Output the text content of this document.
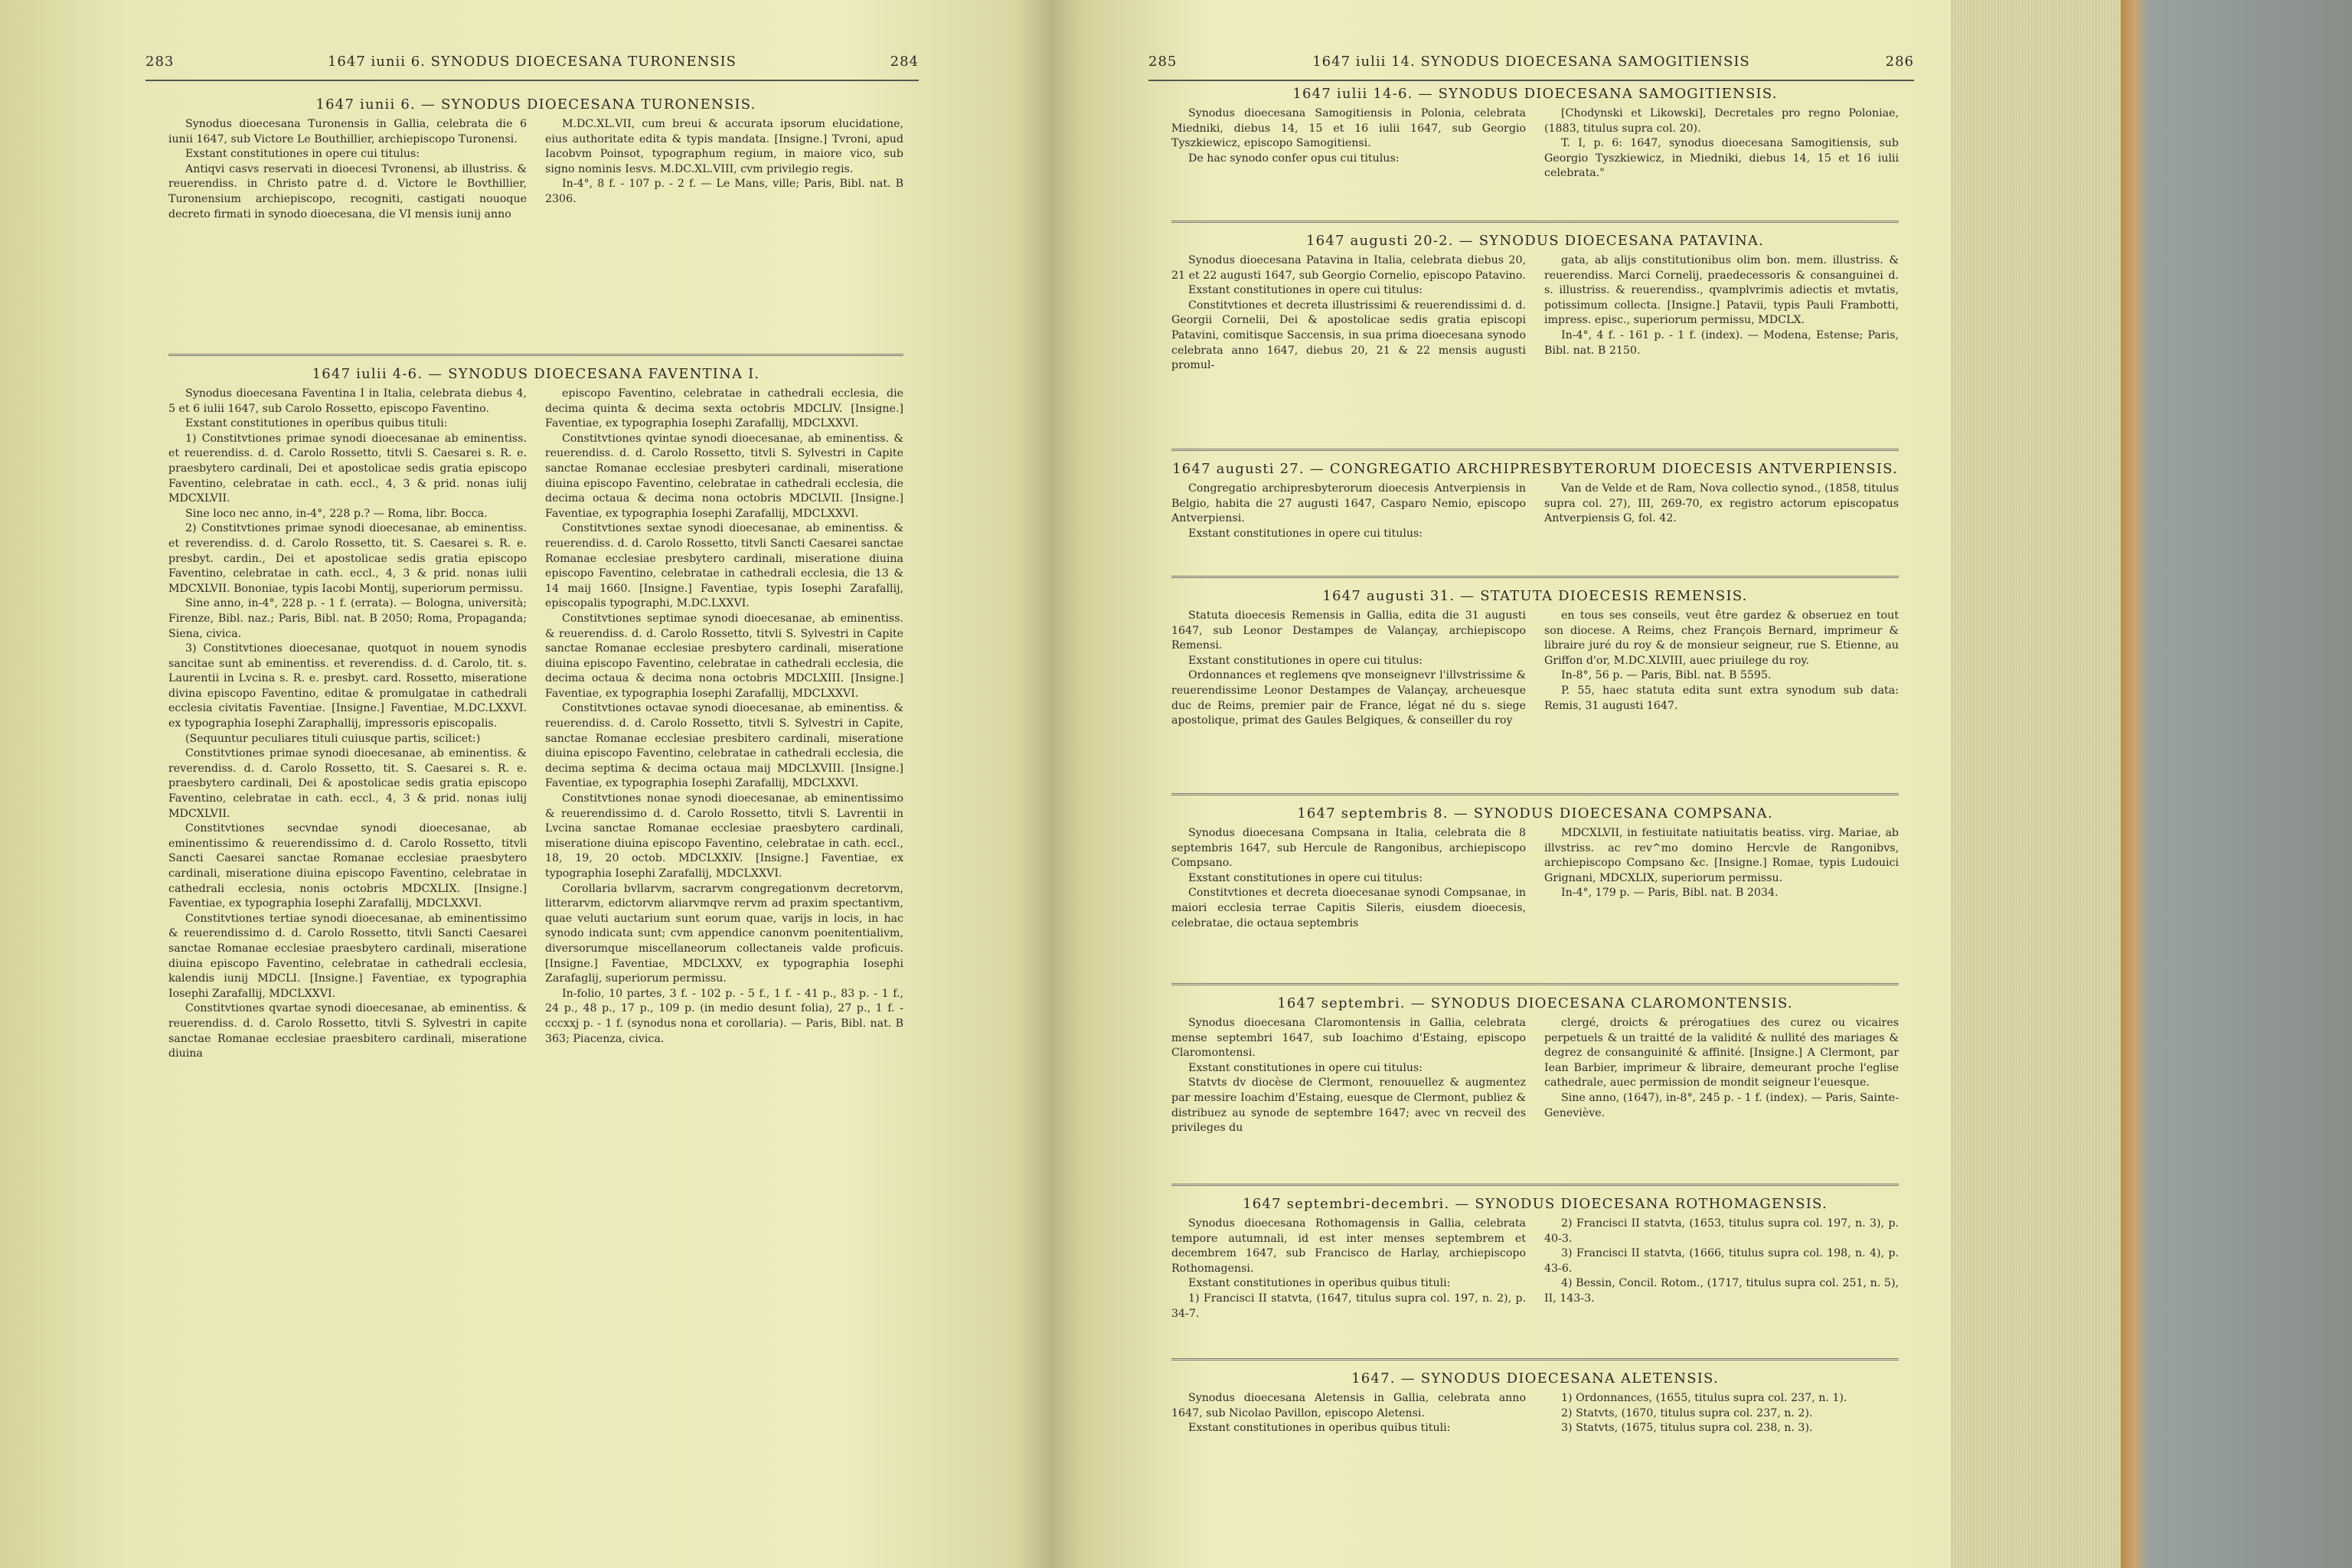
283	1647 iunii 6. SYNODUS DIOECESANA TURONENSIS	284
1647 iunii 6. — SYNODUS DIOECESANA TURONENSIS.

Synodus dioecesana Turonensis in Gallia, celebrata die 6 iunii 1647, sub Victore Le Bouthillier, archiepiscopo Turonensi.

Exstant constitutiones in opere cui titulus:

Antiqvi casvs reservati in dioecesi Tvronensi, ab illustriss. & reuerendiss. in Christo patre d. d. Victore le Bovthillier, Turonensium archiepiscopo, recogniti, castigati nouoque decreto firmati in synodo dioecesana, die VI mensis iunij anno

M.DC.XL.VII, cum breui & accurata ipsorum elucidatione, eius authoritate edita & typis mandata. [Insigne.] Tvroni, apud Iacobvm Poinsot, typographum regium, in maiore vico, sub signo nominis Iesvs. M.DC.XL.VIII, cvm privilegio regis.

In-4°, 8 f. - 107 p. - 2 f. — Le Mans, ville; Paris, Bibl. nat. B 2306.

1647 iulii 4-6. — SYNODUS DIOECESANA FAVENTINA I.

Synodus dioecesana Faventina I in Italia, celebrata diebus 4, 5 et 6 iulii 1647, sub Carolo Rossetto, episcopo Faventino.

Exstant constitutiones in operibus quibus tituli:

1) Constitvtiones primae synodi dioecesanae ab eminentiss. et reuerendiss. d. d. Carolo Rossetto, titvli S. Caesarei s. R. e. praesbytero cardinali, Dei et apostolicae sedis gratia episcopo Faventino, celebratae in cath. eccl., 4, 3 & prid. nonas iulij MDCXLVII.

Sine loco nec anno, in-4°, 228 p.? — Roma, libr. Bocca.

2) Constitvtiones primae synodi dioecesanae, ab eminentiss. et reverendiss. d. d. Carolo Rossetto, tit. S. Caesarei s. R. e. presbyt. cardin., Dei et apostolicae sedis gratia episcopo Faventino, celebratae in cath. eccl., 4, 3 & prid. nonas iulii MDCXLVII. Bononiae, typis Iacobi Montij, superiorum permissu.

Sine anno, in-4°, 228 p. - 1 f. (errata). — Bologna, università; Firenze, Bibl. naz.; Paris, Bibl. nat. B 2050; Roma, Propaganda; Siena, civica.

3) Constitvtiones dioecesanae, quotquot in nouem synodis sancitae sunt ab eminentiss. et reverendiss. d. d. Carolo, tit. s. Laurentii in Lvcina s. R. e. presbyt. card. Rossetto, miseratione divina episcopo Faventino, editae & promulgatae in cathedrali ecclesia civitatis Faventiae. [Insigne.] Faventiae, M.DC.LXXVI. ex typographia Iosephi Zaraphallij, impressoris episcopalis.

(Sequuntur peculiares tituli cuiusque partis, scilicet:)

Constitvtiones primae synodi dioecesanae, ab eminentiss. & reverendiss. d. d. Carolo Rossetto, tit. S. Caesarei s. R. e. praesbytero cardinali, Dei & apostolicae sedis gratia episcopo Faventino, celebratae in cath. eccl., 4, 3 & prid. nonas iulij MDCXLVII.

Constitvtiones secvndae synodi dioecesanae, ab eminentissimo & reuerendissimo d. d. Carolo Rossetto, titvli Sancti Caesarei sanctae Romanae ecclesiae praesbytero cardinali, miseratione diuina episcopo Faventino, celebratae in cathedrali ecclesia, nonis octobris MDCXLIX. [Insigne.] Faventiae, ex typographia Iosephi Zarafallij, MDCLXXVI.

Constitvtiones tertiae synodi dioecesanae, ab eminentissimo & reuerendissimo d. d. Carolo Rossetto, titvli Sancti Caesarei sanctae Romanae ecclesiae praesbytero cardinali, miseratione diuina episcopo Faventino, celebratae in cathedrali ecclesia, kalendis iunij MDCLI. [Insigne.] Faventiae, ex typographia Iosephi Zarafallij, MDCLXXVI.

Constitvtiones qvartae synodi dioecesanae, ab eminentiss. & reuerendiss. d. d. Carolo Rossetto, titvli S. Sylvestri in capite sanctae Romanae ecclesiae praesbitero cardinali, miseratione diuina

episcopo Faventino, celebratae in cathedrali ecclesia, die decima quinta & decima sexta octobris MDCLIV. [Insigne.] Faventiae, ex typographia Iosephi Zarafallij, MDCLXXVI.

Constitvtiones qvintae synodi dioecesanae, ab eminentiss. & reuerendiss. d. d. Carolo Rossetto, titvli S. Sylvestri in Capite sanctae Romanae ecclesiae presbyteri cardinali, miseratione diuina episcopo Faventino, celebratae in cathedrali ecclesia, die decima octaua & decima nona octobris MDCLVII. [Insigne.] Faventiae, ex typographia Iosephi Zarafallij, MDCLXXVI.

Constitvtiones sextae synodi dioecesanae, ab eminentiss. & reuerendiss. d. d. Carolo Rossetto, titvli Sancti Caesarei sanctae Romanae ecclesiae presbytero cardinali, miseratione diuina episcopo Faventino, celebratae in cathedrali ecclesia, die 13 & 14 maij 1660. [Insigne.] Faventiae, typis Iosephi Zarafallij, episcopalis typographi, M.DC.LXXVI.

Constitvtiones septimae synodi dioecesanae, ab eminentiss. & reuerendiss. d. d. Carolo Rossetto, titvli S. Sylvestri in Capite sanctae Romanae ecclesiae presbytero cardinali, miseratione diuina episcopo Faventino, celebratae in cathedrali ecclesia, die decima octaua & decima nona octobris MDCLXIII. [Insigne.] Faventiae, ex typographia Iosephi Zarafallij, MDCLXXVI.

Constitvtiones octavae synodi dioecesanae, ab eminentiss. & reuerendiss. d. d. Carolo Rossetto, titvli S. Sylvestri in Capite, sanctae Romanae ecclesiae presbitero cardinali, miseratione diuina episcopo Faventino, celebratae in cathedrali ecclesia, die decima septima & decima octaua maij MDCLXVIII. [Insigne.] Faventiae, ex typographia Iosephi Zarafallij, MDCLXXVI.

Constitvtiones nonae synodi dioecesanae, ab eminentissimo & reuerendissimo d. d. Carolo Rossetto, titvli S. Lavrentii in Lvcina sanctae Romanae ecclesiae praesbytero cardinali, miseratione diuina episcopo Faventino, celebratae in cath. eccl., 18, 19, 20 octob. MDCLXXIV. [Insigne.] Faventiae, ex typographia Iosephi Zarafallij, MDCLXXVI.

Corollaria bvllarvm, sacrarvm congregationvm decretorvm, litterarvm, edictorvm aliarvmqve rervm ad praxim spectantivm, quae veluti auctarium sunt eorum quae, varijs in locis, in hac synodo indicata sunt; cvm appendice canonvm poenitentialivm, diversorumque miscellaneorum collectaneis valde proficuis. [Insigne.] Faventiae, MDCLXXV, ex typographia Iosephi Zarafaglij, superiorum permissu.

In-folio, 10 partes, 3 f. - 102 p. - 5 f., 1 f. - 41 p., 83 p. - 1 f., 24 p., 48 p., 17 p., 109 p. (in medio desunt folia), 27 p., 1 f. - cccxxj p. - 1 f. (synodus nona et corollaria). — Paris, Bibl. nat. B 363; Piacenza, civica.

285	1647 iulii 14. SYNODUS DIOECESANA SAMOGITIENSIS	286
1647 iulii 14-6. — SYNODUS DIOECESANA SAMOGITIENSIS.

Synodus dioecesana Samogitiensis in Polonia, celebrata Miedniki, diebus 14, 15 et 16 iulii 1647, sub Georgio Tyszkiewicz, episcopo Samogitiensi.

De hac synodo confer opus cui titulus:

[Chodynski et Likowski], Decretales pro regno Poloniae, (1883, titulus supra col. 20).

T. I, p. 6: 1647, synodus dioecesana Samogitiensis, sub Georgio Tyszkiewicz, in Miedniki, diebus 14, 15 et 16 iulii celebrata."

1647 augusti 20-2. — SYNODUS DIOECESANA PATAVINA.

Synodus dioecesana Patavina in Italia, celebrata diebus 20, 21 et 22 augusti 1647, sub Georgio Cornelio, episcopo Patavino.

Exstant constitutiones in opere cui titulus:

Constitvtiones et decreta illustrissimi & reuerendissimi d. d. Georgii Cornelii, Dei & apostolicae sedis gratia episcopi Patavini, comitisque Saccensis, in sua prima dioecesana synodo celebrata anno 1647, diebus 20, 21 & 22 mensis augusti promul-

gata, ab alijs constitutionibus olim bon. mem. illustriss. & reuerendiss. Marci Cornelij, praedecessoris & consanguinei d. s. illustriss. & reuerendiss., qvamplvrimis adiectis et mvtatis, potissimum collecta. [Insigne.] Patavii, typis Pauli Frambotti, impress. episc., superiorum permissu, MDCLX.

In-4°, 4 f. - 161 p. - 1 f. (index). — Modena, Estense; Paris, Bibl. nat. B 2150.

1647 augusti 27. — CONGREGATIO ARCHIPRESBYTERORUM DIOECESIS ANTVERPIENSIS.

Congregatio archipresbyterorum dioecesis Antverpiensis in Belgio, habita die 27 augusti 1647, Casparo Nemio, episcopo Antverpiensi.

Exstant constitutiones in opere cui titulus:

Van de Velde et de Ram, Nova collectio synod., (1858, titulus supra col. 27), III, 269-70, ex registro actorum episcopatus Antverpiensis G, fol. 42.

1647 augusti 31. — STATUTA DIOECESIS REMENSIS.

Statuta dioecesis Remensis in Gallia, edita die 31 augusti 1647, sub Leonor Destampes de Valançay, archiepiscopo Remensi.

Exstant constitutiones in opere cui titulus:

Ordonnances et reglemens qve monseignevr l'illvstrissime & reuerendissime Leonor Destampes de Valançay, archeuesque duc de Reims, premier pair de France, légat né du s. siege apostolique, primat des Gaules Belgiques, & conseiller du roy

en tous ses conseils, veut être gardez & obseruez en tout son diocese. A Reims, chez François Bernard, imprimeur & libraire juré du roy & de monsieur seigneur, rue S. Etienne, au Griffon d'or, M.DC.XLVIII, auec priuilege du roy.

In-8°, 56 p. — Paris, Bibl. nat. B 5595.

P. 55, haec statuta edita sunt extra synodum sub data: Remis, 31 augusti 1647.

1647 septembris 8. — SYNODUS DIOECESANA COMPSANA.

Synodus dioecesana Compsana in Italia, celebrata die 8 septembris 1647, sub Hercule de Rangonibus, archiepiscopo Compsano.

Exstant constitutiones in opere cui titulus:

Constitvtiones et decreta dioecesanae synodi Compsanae, in maiori ecclesia terrae Capitis Sileris, eiusdem dioecesis, celebratae, die octaua septembris

MDCXLVII, in festiuitate natiuitatis beatiss. virg. Mariae, ab illvstriss. ac rev^mo domino Hercvle de Rangonibvs, archiepiscopo Compsano &c. [Insigne.] Romae, typis Ludouici Grignani, MDCXLIX, superiorum permissu.

In-4°, 179 p. — Paris, Bibl. nat. B 2034.

1647 septembri. — SYNODUS DIOECESANA CLAROMONTENSIS.

Synodus dioecesana Claromontensis in Gallia, celebrata mense septembri 1647, sub Ioachimo d'Estaing, episcopo Claromontensi.

Exstant constitutiones in opere cui titulus:

Statvts dv diocèse de Clermont, renouuellez & augmentez par messire Ioachim d'Estaing, euesque de Clermont, publiez & distribuez au synode de septembre 1647; avec vn recveil des privileges du

clergé, droicts & prérogatiues des curez ou vicaires perpetuels & un traitté de la validité & nullité des mariages & degrez de consanguinité & affinité. [Insigne.] A Clermont, par Iean Barbier, imprimeur & libraire, demeurant proche l'eglise cathedrale, auec permission de mondit seigneur l'euesque.

Sine anno, (1647), in-8°, 245 p. - 1 f. (index). — Paris, Sainte-Geneviève.

1647 septembri-decembri. — SYNODUS DIOECESANA ROTHOMAGENSIS.

Synodus dioecesana Rothomagensis in Gallia, celebrata tempore autumnali, id est inter menses septembrem et decembrem 1647, sub Francisco de Harlay, archiepiscopo Rothomagensi.

Exstant constitutiones in operibus quibus tituli:

1) Francisci II statvta, (1647, titulus supra col. 197, n. 2), p. 34-7.

2) Francisci II statvta, (1653, titulus supra col. 197, n. 3), p. 40-3.

3) Francisci II statvta, (1666, titulus supra col. 198, n. 4), p. 43-6.

4) Bessin, Concil. Rotom., (1717, titulus supra col. 251, n. 5), II, 143-3.

1647. — SYNODUS DIOECESANA ALETENSIS.

Synodus dioecesana Aletensis in Gallia, celebrata anno 1647, sub Nicolao Pavillon, episcopo Aletensi.

Exstant constitutiones in operibus quibus tituli:

1) Ordonnances, (1655, titulus supra col. 237, n. 1).

2) Statvts, (1670, titulus supra col. 237, n. 2).

3) Statvts, (1675, titulus supra col. 238, n. 3).
